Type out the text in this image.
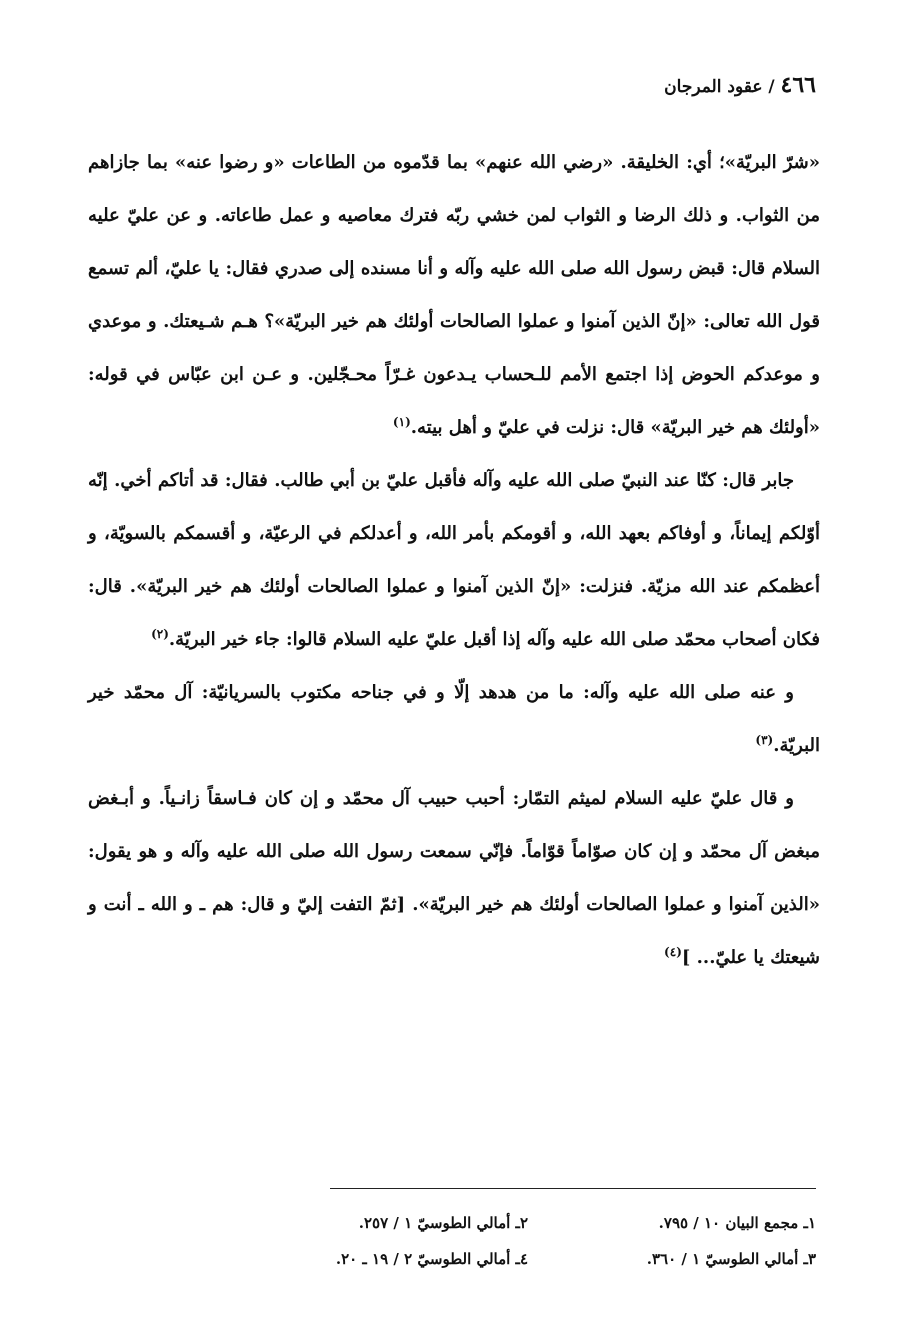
٤٦٦ / عقود المرجان

«شرّ البريّة»؛ أي: الخليقة. «رضي الله عنهم» بما قدّموه من الطاعات «و رضوا عنه» بما جازاهم من الثواب. و ذلك الرضا و الثواب لمن خشي ربّه فترك معاصيه و عمل طاعاته. و عن عليّ عليه السلام قال: قبض رسول الله صلى الله عليه وآله و أنا مسنده إلى صدري فقال: يا عليّ، ألم تسمع قول الله تعالى: «إنّ الذين آمنوا و عملوا الصالحات أولئك هم خير البريّة»؟ هـم شـيعتك. و موعدي و موعدكم الحوض إذا اجتمع الأمم للـحساب يـدعون غـرّاً محـجّلين. و عـن ابن عبّاس في قوله: «أولئك هم خير البريّة» قال: نزلت في عليّ و أهل بيته.$^{(١)}$

جابر قال: كنّا عند النبيّ صلى الله عليه وآله فأقبل عليّ بن أبي طالب. فقال: قد أتاكم أخي. إنّه أوّلكم إيماناً، و أوفاكم بعهد الله، و أقومكم بأمر الله، و أعدلكم في الرعيّة، و أقسمكم بالسويّة، و أعظمكم عند الله مزيّة. فنزلت: «إنّ الذين آمنوا و عملوا الصالحات أولئك هم خير البريّة». قال: فكان أصحاب محمّد صلى الله عليه وآله إذا أقبل عليّ عليه السلام قالوا: جاء خير البريّة.$^{(٢)}$

و عنه صلى الله عليه وآله: ما من هدهد إلّا و في جناحه مكتوب بالسريانيّة: آل محمّد خير البريّة.$^{(٣)}$

و قال عليّ عليه السلام لميثم التمّار: أحبب حبيب آل محمّد و إن كان فـاسقاً زانـياً. و أبـغض مبغض آل محمّد و إن كان صوّاماً قوّاماً. فإنّي سمعت رسول الله صلى الله عليه وآله و هو يقول: «الذين آمنوا و عملوا الصالحات أولئك هم خير البريّة». [ثمّ التفت إليّ و قال: هم ـ و الله ـ أنت و شيعتك يا عليّ... ]$^{(٤)}$

١ـ مجمع البيان ١٠ / ٧٩٥.
٢ـ أمالي الطوسيّ ١ / ٢٥٧.
٣ـ أمالي الطوسيّ ١ / ٣٦٠.
٤ـ أمالي الطوسيّ ٢ / ١٩ ـ ٢٠.
